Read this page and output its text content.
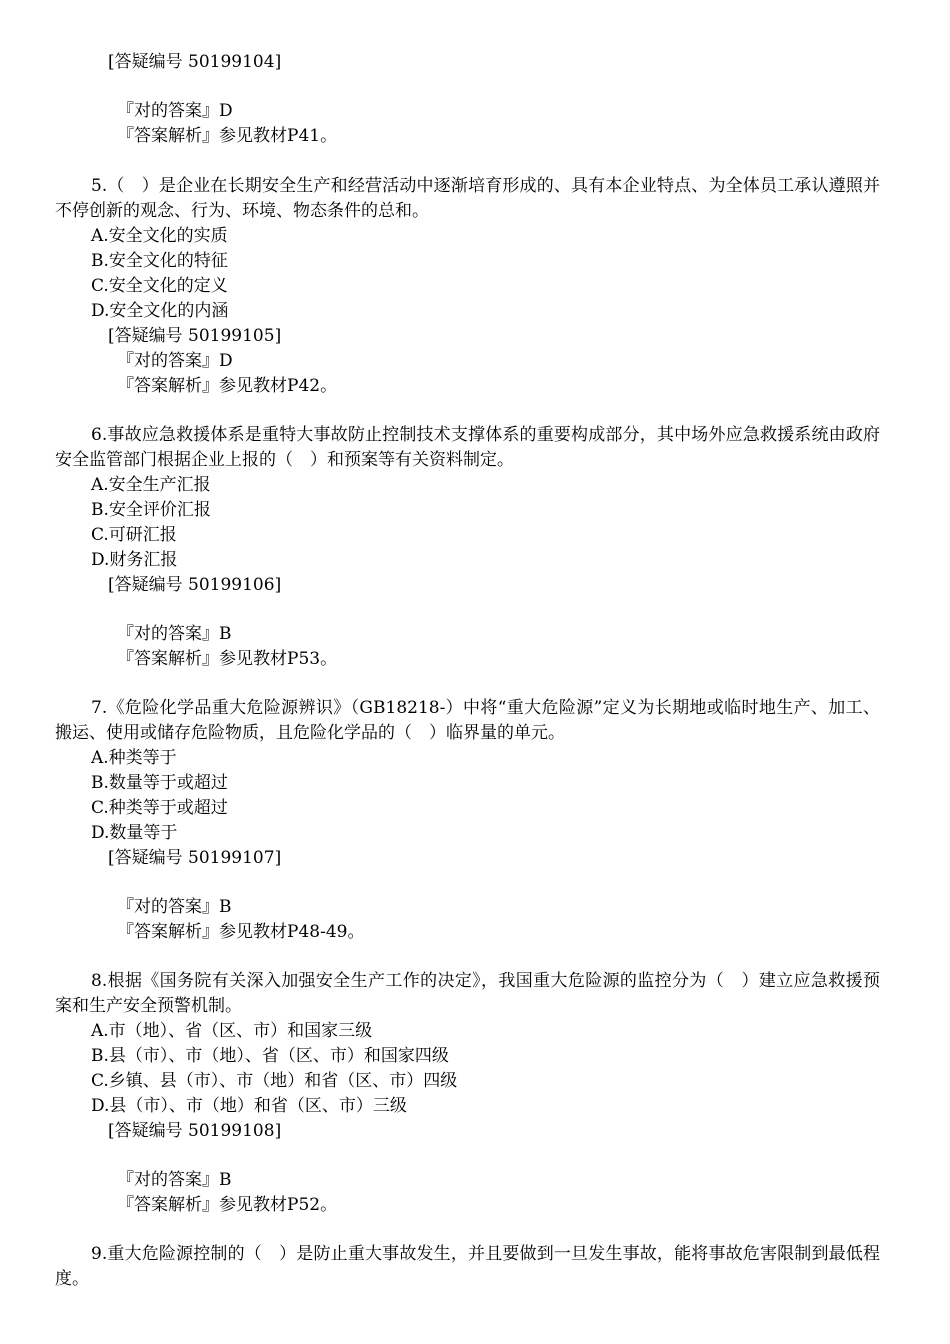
[答疑编号 50199104]
『对的答案』D
『答案解析』参见教材P41。
5.（　）是企业在长期安全生产和经营活动中逐渐培育形成的、具有本企业特点、为全体员工承认遵照并不停创新的观念、行为、环境、物态条件的总和。
A.安全文化的实质
B.安全文化的特征
C.安全文化的定义
D.安全文化的内涵
[答疑编号 50199105]
『对的答案』D
『答案解析』参见教材P42。
6.事故应急救援体系是重特大事故防止控制技术支撑体系的重要构成部分，其中场外应急救援系统由政府安全监管部门根据企业上报的（　）和预案等有关资料制定。
A.安全生产汇报
B.安全评价汇报
C.可研汇报
D.财务汇报
[答疑编号 50199106]
『对的答案』B
『答案解析』参见教材P53。
7.《危险化学品重大危险源辨识》（GB18218-）中将“重大危险源”定义为长期地或临时地生产、加工、搬运、使用或储存危险物质，且危险化学品的（　）临界量的单元。
A.种类等于
B.数量等于或超过
C.种类等于或超过
D.数量等于
[答疑编号 50199107]
『对的答案』B
『答案解析』参见教材P48-49。
8.根据《国务院有关深入加强安全生产工作的决定》，我国重大危险源的监控分为（　）建立应急救援预案和生产安全预警机制。
A.市（地）、省（区、市）和国家三级
B.县（市）、市（地）、省（区、市）和国家四级
C.乡镇、县（市）、市（地）和省（区、市）四级
D.县（市）、市（地）和省（区、市）三级
[答疑编号 50199108]
『对的答案』B
『答案解析』参见教材P52。
9.重大危险源控制的（　）是防止重大事故发生，并且要做到一旦发生事故，能将事故危害限制到最低程度。
